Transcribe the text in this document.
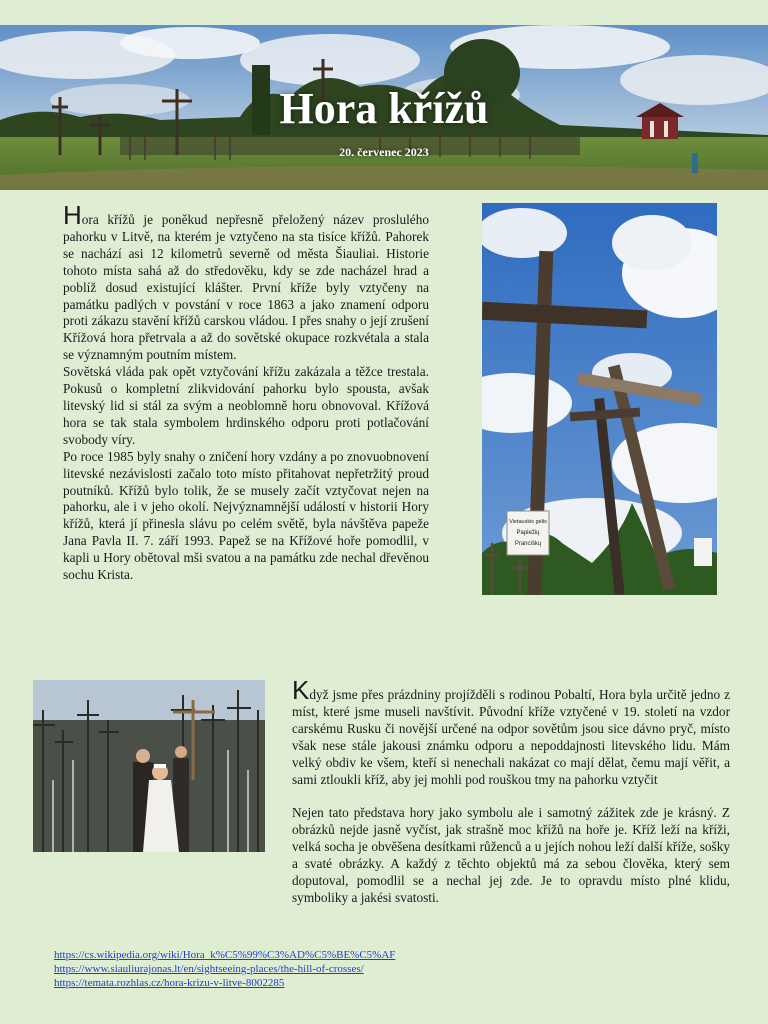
Hora křížů
20. červenec 2023

Hora křížů je poněkud nepřesně přeložený název proslulého pahorku v Litvě, na kterém je vztyčeno na sta tisíce křížů. Pahorek se nachází asi 12 kilometrů severně od města Šiauliai. Historie tohoto místa sahá až do středověku, kdy se zde nacházel hrad a poblíž dosud existující klášter. První kříže byly vztyčeny na památku padlých v povstání v roce 1863 a jako znamení odporu proti zákazu stavění křížů carskou vládou. I přes snahy o její zrušení Křížová hora přetrvala a až do sovětské okupace rozkvétala a stala se významným poutním místem.

Sovětská vláda pak opět vztyčování křížu zakázala a těžce trestala. Pokusů o kompletní zlikvidování pahorku bylo spousta, avšak litevský lid si stál za svým a neoblomně horu obnovoval. Křížová hora se tak stala symbolem hrdinského odporu proti potlačování svobody víry.

Po roce 1985 byly snahy o zničení hory vzdány a po znovuobnovení litevské nezávislosti začalo toto místo přitahovat nepřetržitý proud poutníků. Křížů bylo tolik, že se musely začít vztyčovat nejen na pahorku, ale i v jeho okolí. Nejvýznamnější událostí v historii Hory křížů, která jí přinesla slávu po celém světě, byla návštěva papeže Jana Pavla II. 7. září 1993. Papež se na Křížové hoře pomodlil, v kapli u Hory obětoval mši svatou a na památku zde nechal dřevěnou sochu Krista.

Vietauskis gėlis
Papiežių
Pranciškų

Když jsme přes prázdniny projížděli s rodinou Pobaltí, Hora byla určitě jedno z míst, které jsme museli navštívit. Původní kříže vztyčené v 19. století na vzdor carskému Rusku či novější určené na odpor sovětům jsou sice dávno pryč, místo však nese stále jakousi známku odporu a nepoddajnosti litevského lidu. Mám velký obdiv ke všem, kteří si nenechali nakázat co mají dělat, čemu mají věřit, a sami ztloukli kříž, aby jej mohli pod rouškou tmy na pahorku vztyčit

Nejen tato představa hory jako symbolu ale i samotný zážitek zde je krásný. Z obrázků nejde jasně vyčíst, jak strašně moc křížů na hoře je. Kříž leží na kříži, velká socha je obvěšena desítkami růženců a u jejích nohou leží další kříže, sošky a svaté obrázky. A každý z těchto objektů má za sebou člověka, který sem doputoval, pomodlil se a nechal jej zde. Je to opravdu místo plné klidu, symboliky a jakési svatosti.

https://cs.wikipedia.org/wiki/Hora_k%C5%99%C3%AD%C5%BE%C5%AF
https://www.siauliurajonas.lt/en/sightseeing-places/the-hill-of-crosses/
https://temata.rozhlas.cz/hora-krizu-v-litve-8002285
